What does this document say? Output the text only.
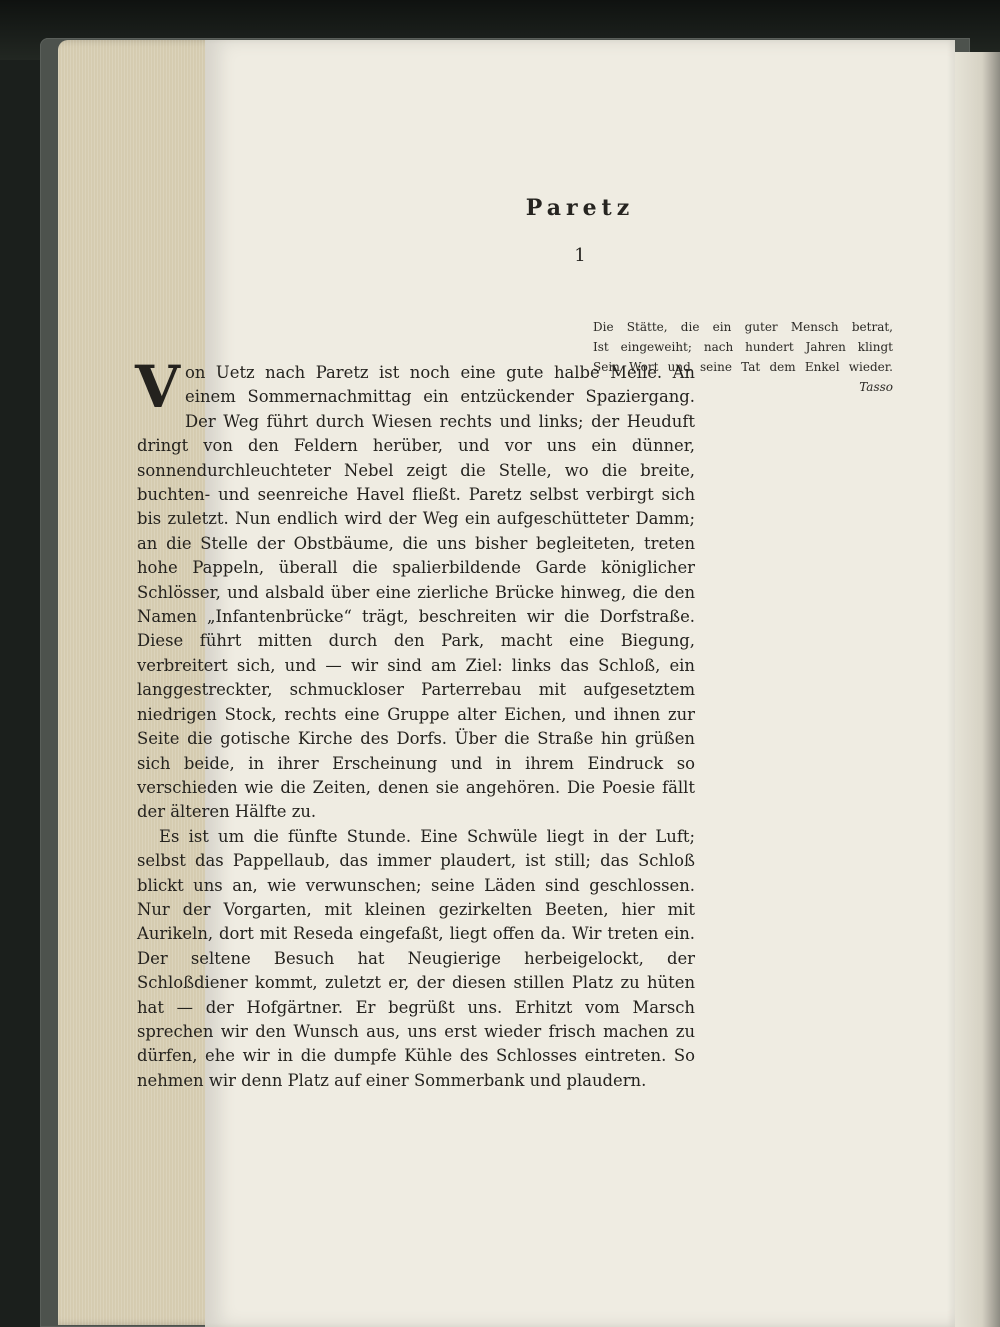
Paretz
1
Die Stätte, die ein guter Mensch betrat,
Ist eingeweiht; nach hundert Jahren klingt
Sein Wort und seine Tat dem Enkel wieder.
Tasso

Von Uetz nach Paretz ist noch eine gute halbe Meile. An einem Sommernachmittag ein entzückender Spaziergang. Der Weg führt durch Wiesen rechts und links; der Heuduft dringt von den Feldern herüber, und vor uns ein dünner, sonnendurchleuchteter Nebel zeigt die Stelle, wo die breite, buchten- und seenreiche Havel fließt. Paretz selbst verbirgt sich bis zuletzt. Nun endlich wird der Weg ein aufgeschütteter Damm; an die Stelle der Obstbäume, die uns bisher begleiteten, treten hohe Pappeln, überall die spalierbildende Garde königlicher Schlösser, und alsbald über eine zierliche Brücke hinweg, die den Namen „Infantenbrücke“ trägt, beschreiten wir die Dorfstraße. Diese führt mitten durch den Park, macht eine Biegung, verbreitert sich, und — wir sind am Ziel: links das Schloß, ein langgestreckter, schmuckloser Parterrebau mit aufgesetztem niedrigen Stock, rechts eine Gruppe alter Eichen, und ihnen zur Seite die gotische Kirche des Dorfs. Über die Straße hin grüßen sich beide, in ihrer Erscheinung und in ihrem Eindruck so verschieden wie die Zeiten, denen sie angehören. Die Poesie fällt der älteren Hälfte zu.

Es ist um die fünfte Stunde. Eine Schwüle liegt in der Luft; selbst das Pappellaub, das immer plaudert, ist still; das Schloß blickt uns an, wie verwunschen; seine Läden sind geschlossen. Nur der Vorgarten, mit kleinen gezirkelten Beeten, hier mit Aurikeln, dort mit Reseda eingefaßt, liegt offen da. Wir treten ein. Der seltene Besuch hat Neugierige herbeigelockt, der Schloßdiener kommt, zuletzt er, der diesen stillen Platz zu hüten hat — der Hofgärtner. Er begrüßt uns. Erhitzt vom Marsch sprechen wir den Wunsch aus, uns erst wieder frisch machen zu dürfen, ehe wir in die dumpfe Kühle des Schlosses eintreten. So nehmen wir denn Platz auf einer Sommerbank und plaudern.
